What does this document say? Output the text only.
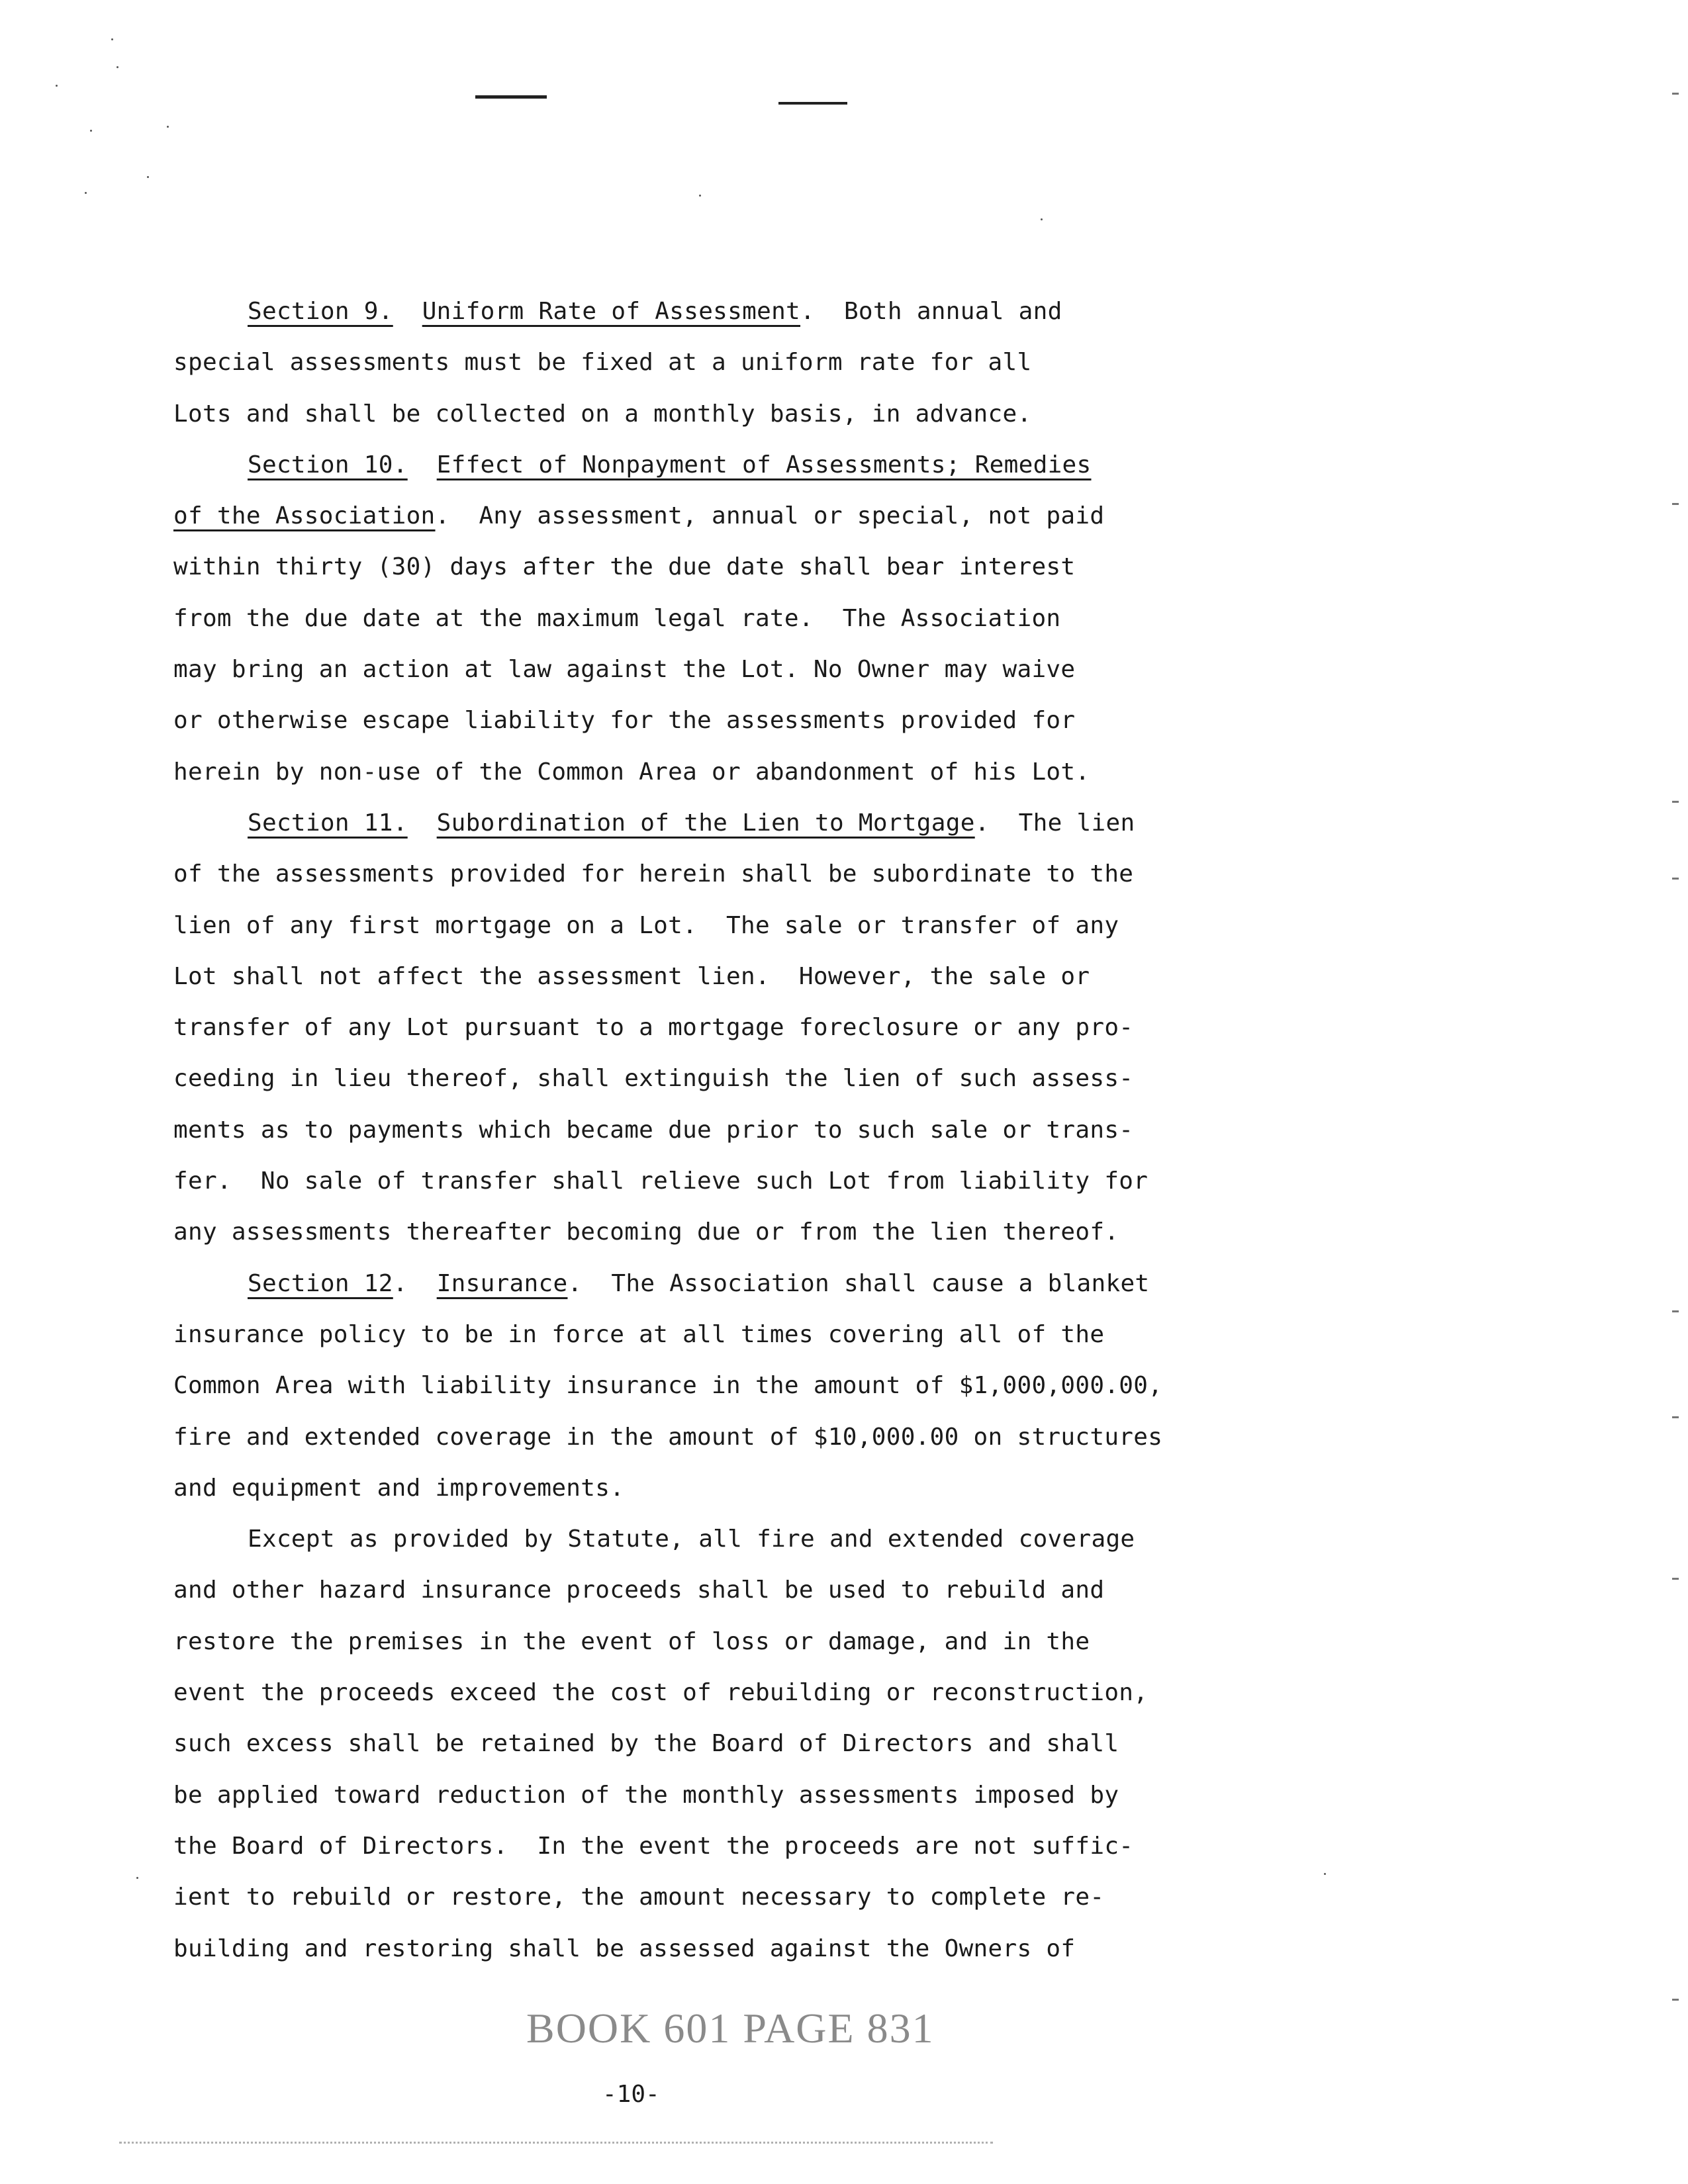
Section 9. Uniform Rate of Assessment.  Both annual and
special assessments must be fixed at a uniform rate for all
Lots and shall be collected on a monthly basis, in advance.
Section 10. Effect of Nonpayment of Assessments; Remedies
of the Association.  Any assessment, annual or special, not paid
within thirty (30) days after the due date shall bear interest
from the due date at the maximum legal rate.  The Association
may bring an action at law against the Lot. No Owner may waive
or otherwise escape liability for the assessments provided for
herein by non-use of the Common Area or abandonment of his Lot.
Section 11. Subordination of the Lien to Mortgage.  The lien
of the assessments provided for herein shall be subordinate to the
lien of any first mortgage on a Lot.  The sale or transfer of any
Lot shall not affect the assessment lien.  However, the sale or
transfer of any Lot pursuant to a mortgage foreclosure or any pro-
ceeding in lieu thereof, shall extinguish the lien of such assess-
ments as to payments which became due prior to such sale or trans-
fer.  No sale of transfer shall relieve such Lot from liability for
any assessments thereafter becoming due or from the lien thereof.
Section 12. Insurance.  The Association shall cause a blanket
insurance policy to be in force at all times covering all of the
Common Area with liability insurance in the amount of $1,000,000.00,
fire and extended coverage in the amount of $10,000.00 on structures
and equipment and improvements.
Except as provided by Statute, all fire and extended coverage
and other hazard insurance proceeds shall be used to rebuild and
restore the premises in the event of loss or damage, and in the
event the proceeds exceed the cost of rebuilding or reconstruction,
such excess shall be retained by the Board of Directors and shall
be applied toward reduction of the monthly assessments imposed by
the Board of Directors.  In the event the proceeds are not suffic-
ient to rebuild or restore, the amount necessary to complete re-
building and restoring shall be assessed against the Owners of
BOOK 601 PAGE 831
-10-
